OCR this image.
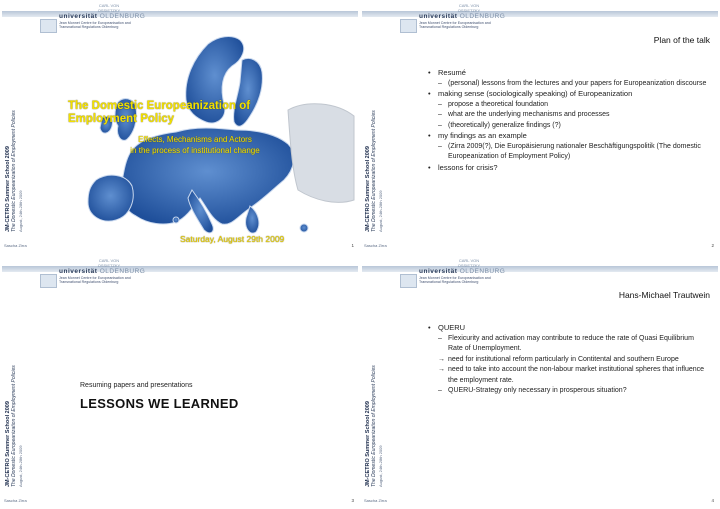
CARL VON OSSIETZKY
universität OLDENBURG
Jean Monnet Centre for Europeanisation and Transnational Regulations Oldenburg
JM-CETRO Summer School 2009 The Domestic Europeanization of Employment Policies August, 24th-28th 2009
The Domestic Europeanization of Employment Policy
Effects, Mechanisms and Actors
in the process of institutional change
Saturday, August 29th 2009
Sascha Zirra	1
CARL VON OSSIETZKY
universität OLDENBURG
Jean Monnet Centre for Europeanisation and Transnational Regulations Oldenburg
JM-CETRO Summer School 2009 The Domestic Europeanization of Employment Policies August, 24th-28th 2009
Plan of the talk
• Resumé
– (personal) lessons from the lectures and your papers for Europeanization discourse
• making sense (sociologically speaking) of Europeanization
– propose a theoretical foundation
– what are the underlying mechanisms and processes
– (theoretically) generalize findings (?)
• my findings as an example
– (Zirra 2009(?), Die Europäisierung nationaler Beschäftigungspolitik (The domestic Europeanization of Employment Policy)
• lessons for crisis?
Sascha Zirra	2
CARL VON OSSIETZKY
universität OLDENBURG
Jean Monnet Centre for Europeanisation and Transnational Regulations Oldenburg
JM-CETRO Summer School 2009 The Domestic Europeanization of Employment Policies August, 24th-28th 2009
Resuming papers and presentations
LESSONS WE LEARNED
Sascha Zirra	3
CARL VON OSSIETZKY
universität OLDENBURG
Jean Monnet Centre for Europeanisation and Transnational Regulations Oldenburg
JM-CETRO Summer School 2009 The Domestic Europeanization of Employment Policies August, 24th-28th 2009
Hans-Michael Trautwein
• QUERU
– Flexicurity and activation may contribute to reduce the rate of Quasi Equilibrium Rate of Unemployment.
→ need for institutional reform particularly in Contitental and southern Europe
→ need to take into account the non-labour market institutional spheres that influence the employment rate.
– QUERU-Strategy only necessary in prosperous situation?
Sascha Zirra	4
